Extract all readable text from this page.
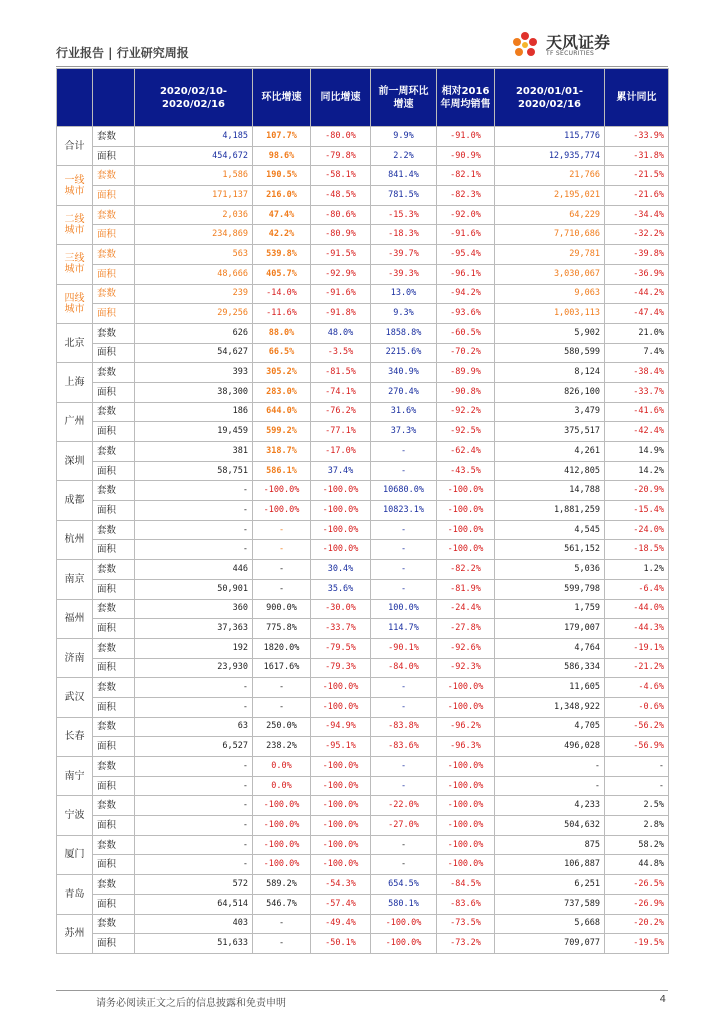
行业报告 | 行业研究周报
天风证券
TF SECURITIES
		2020/02/10-2020/02/16	环比增速	同比增速	前一周环比增速	相对2016年周均销售	2020/01/01-2020/02/16	累计同比
合计	套数	4,185	107.7%	-80.0%	9.9%	-91.0%	115,776	-33.9%
	面积	454,672	98.6%	-79.8%	2.2%	-90.9%	12,935,774	-31.8%
一线城市	套数	1,586	190.5%	-58.1%	841.4%	-82.1%	21,766	-21.5%
	面积	171,137	216.0%	-48.5%	781.5%	-82.3%	2,195,021	-21.6%
二线城市	套数	2,036	47.4%	-80.6%	-15.3%	-92.0%	64,229	-34.4%
	面积	234,869	42.2%	-80.9%	-18.3%	-91.6%	7,710,686	-32.2%
三线城市	套数	563	539.8%	-91.5%	-39.7%	-95.4%	29,781	-39.8%
	面积	48,666	405.7%	-92.9%	-39.3%	-96.1%	3,030,067	-36.9%
四线城市	套数	239	-14.0%	-91.6%	13.0%	-94.2%	9,063	-44.2%
	面积	29,256	-11.6%	-91.8%	9.3%	-93.6%	1,003,113	-47.4%
北京	套数	626	88.0%	48.0%	1858.8%	-60.5%	5,902	21.0%
	面积	54,627	66.5%	-3.5%	2215.6%	-70.2%	580,599	7.4%
上海	套数	393	305.2%	-81.5%	340.9%	-89.9%	8,124	-38.4%
	面积	38,300	283.0%	-74.1%	270.4%	-90.8%	826,100	-33.7%
广州	套数	186	644.0%	-76.2%	31.6%	-92.2%	3,479	-41.6%
	面积	19,459	599.2%	-77.1%	37.3%	-92.5%	375,517	-42.4%
深圳	套数	381	318.7%	-17.0%	-	-62.4%	4,261	14.9%
	面积	58,751	586.1%	37.4%	-	-43.5%	412,805	14.2%
成都	套数	-	-100.0%	-100.0%	10680.0%	-100.0%	14,788	-20.9%
	面积	-	-100.0%	-100.0%	10823.1%	-100.0%	1,881,259	-15.4%
杭州	套数	-	-	-100.0%	-	-100.0%	4,545	-24.0%
	面积	-	-	-100.0%	-	-100.0%	561,152	-18.5%
南京	套数	446	-	30.4%	-	-82.2%	5,036	1.2%
	面积	50,901	-	35.6%	-	-81.9%	599,798	-6.4%
福州	套数	360	900.0%	-30.0%	100.0%	-24.4%	1,759	-44.0%
	面积	37,363	775.8%	-33.7%	114.7%	-27.8%	179,007	-44.3%
济南	套数	192	1820.0%	-79.5%	-90.1%	-92.6%	4,764	-19.1%
	面积	23,930	1617.6%	-79.3%	-84.0%	-92.3%	586,334	-21.2%
武汉	套数	-	-	-100.0%	-	-100.0%	11,605	-4.6%
	面积	-	-	-100.0%	-	-100.0%	1,348,922	-0.6%
长春	套数	63	250.0%	-94.9%	-83.8%	-96.2%	4,705	-56.2%
	面积	6,527	238.2%	-95.1%	-83.6%	-96.3%	496,028	-56.9%
南宁	套数	-	0.0%	-100.0%	-	-100.0%	-	-
	面积	-	0.0%	-100.0%	-	-100.0%	-	-
宁波	套数	-	-100.0%	-100.0%	-22.0%	-100.0%	4,233	2.5%
	面积	-	-100.0%	-100.0%	-27.0%	-100.0%	504,632	2.8%
厦门	套数	-	-100.0%	-100.0%	-	-100.0%	875	58.2%
	面积	-	-100.0%	-100.0%	-	-100.0%	106,887	44.8%
青岛	套数	572	589.2%	-54.3%	654.5%	-84.5%	6,251	-26.5%
	面积	64,514	546.7%	-57.4%	580.1%	-83.6%	737,589	-26.9%
苏州	套数	403	-	-49.4%	-100.0%	-73.5%	5,668	-20.2%
	面积	51,633	-	-50.1%	-100.0%	-73.2%	709,077	-19.5%
请务必阅读正文之后的信息披露和免责申明	4
